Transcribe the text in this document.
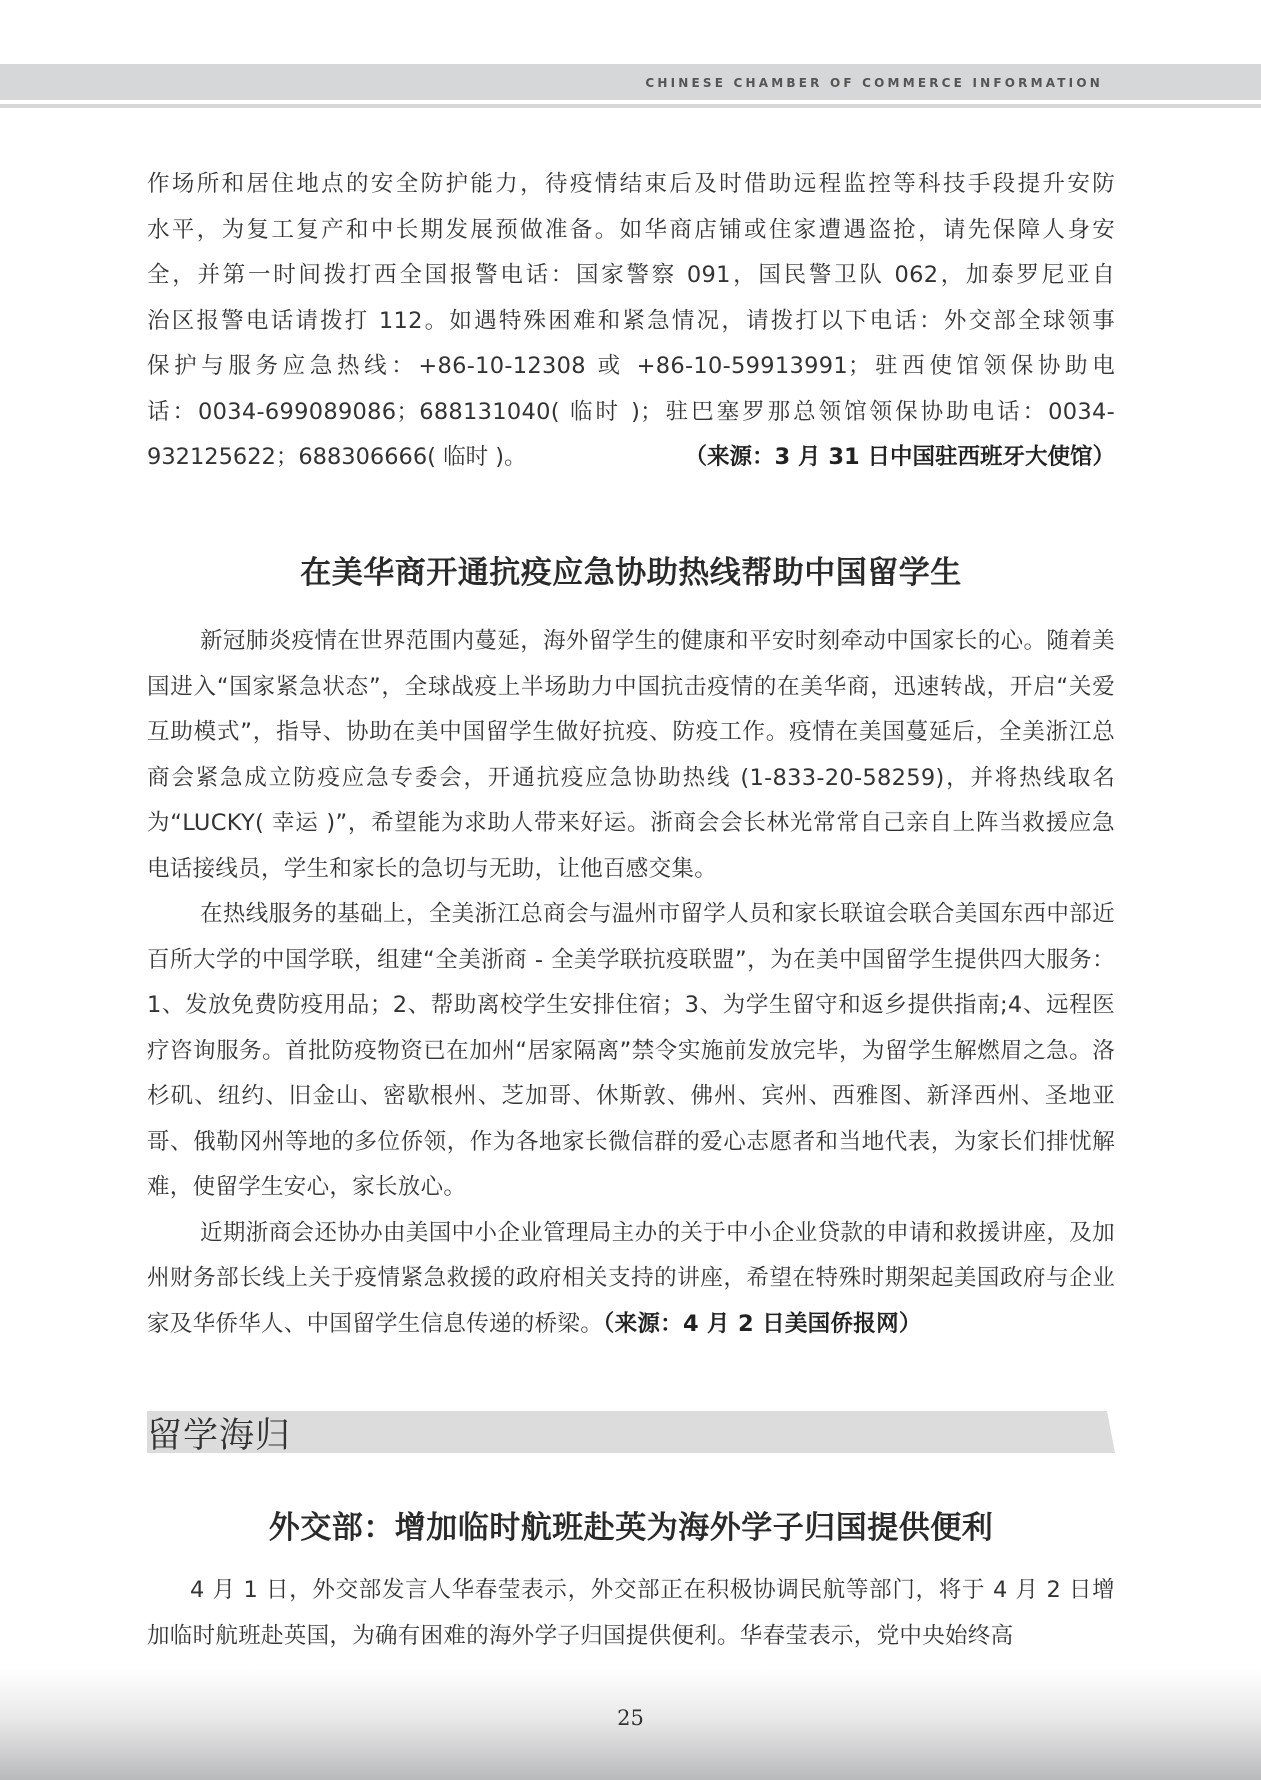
CHINESE CHAMBER OF COMMERCE INFORMATION

作场所和居住地点的安全防护能力，待疫情结束后及时借助远程监控等科技手段提升安防

水平，为复工复产和中长期发展预做准备。如华商店铺或住家遭遇盗抢，请先保障人身安

全，并第一时间拨打西全国报警电话：国家警察 091，国民警卫队 062，加泰罗尼亚自

治区报警电话请拨打 112。如遇特殊困难和紧急情况，请拨打以下电话：外交部全球领事

保护与服务应急热线：+86-10-12308 或 +86-10-59913991；驻西使馆领保协助电

话：0034-699089086；688131040( 临时 )；驻巴塞罗那总领馆领保协助电话：0034-

932125622；688306666( 临时 )。	（来源：3 月 31 日中国驻西班牙大使馆）
在美华商开通抗疫应急协助热线帮助中国留学生

新冠肺炎疫情在世界范围内蔓延，海外留学生的健康和平安时刻牵动中国家长的心。随着美国进入“国家紧急状态”，全球战疫上半场助力中国抗击疫情的在美华商，迅速转战，开启“关爱互助模式”，指导、协助在美中国留学生做好抗疫、防疫工作。疫情在美国蔓延后，全美浙江总商会紧急成立防疫应急专委会，开通抗疫应急协助热线 (1-833-20-58259)，并将热线取名为“LUCKY( 幸运 )”，希望能为求助人带来好运。浙商会会长林光常常自己亲自上阵当救援应急电话接线员，学生和家长的急切与无助，让他百感交集。

在热线服务的基础上，全美浙江总商会与温州市留学人员和家长联谊会联合美国东西中部近百所大学的中国学联，组建“全美浙商 - 全美学联抗疫联盟”，为在美中国留学生提供四大服务：1、发放免费防疫用品；2、帮助离校学生安排住宿；3、为学生留守和返乡提供指南;4、远程医疗咨询服务。首批防疫物资已在加州“居家隔离”禁令实施前发放完毕，为留学生解燃眉之急。洛杉矶、纽约、旧金山、密歇根州、芝加哥、休斯敦、佛州、宾州、西雅图、新泽西州、圣地亚哥、俄勒冈州等地的多位侨领，作为各地家长微信群的爱心志愿者和当地代表，为家长们排忧解难，使留学生安心，家长放心。

近期浙商会还协办由美国中小企业管理局主办的关于中小企业贷款的申请和救援讲座，及加州财务部长线上关于疫情紧急救援的政府相关支持的讲座，希望在特殊时期架起美国政府与企业家及华侨华人、中国留学生信息传递的桥梁。（来源：4 月 2 日美国侨报网）

留学海归
外交部：增加临时航班赴英为海外学子归国提供便利

4 月 1 日，外交部发言人华春莹表示，外交部正在积极协调民航等部门，将于 4 月 2 日增加临时航班赴英国，为确有困难的海外学子归国提供便利。华春莹表示，党中央始终高

25
